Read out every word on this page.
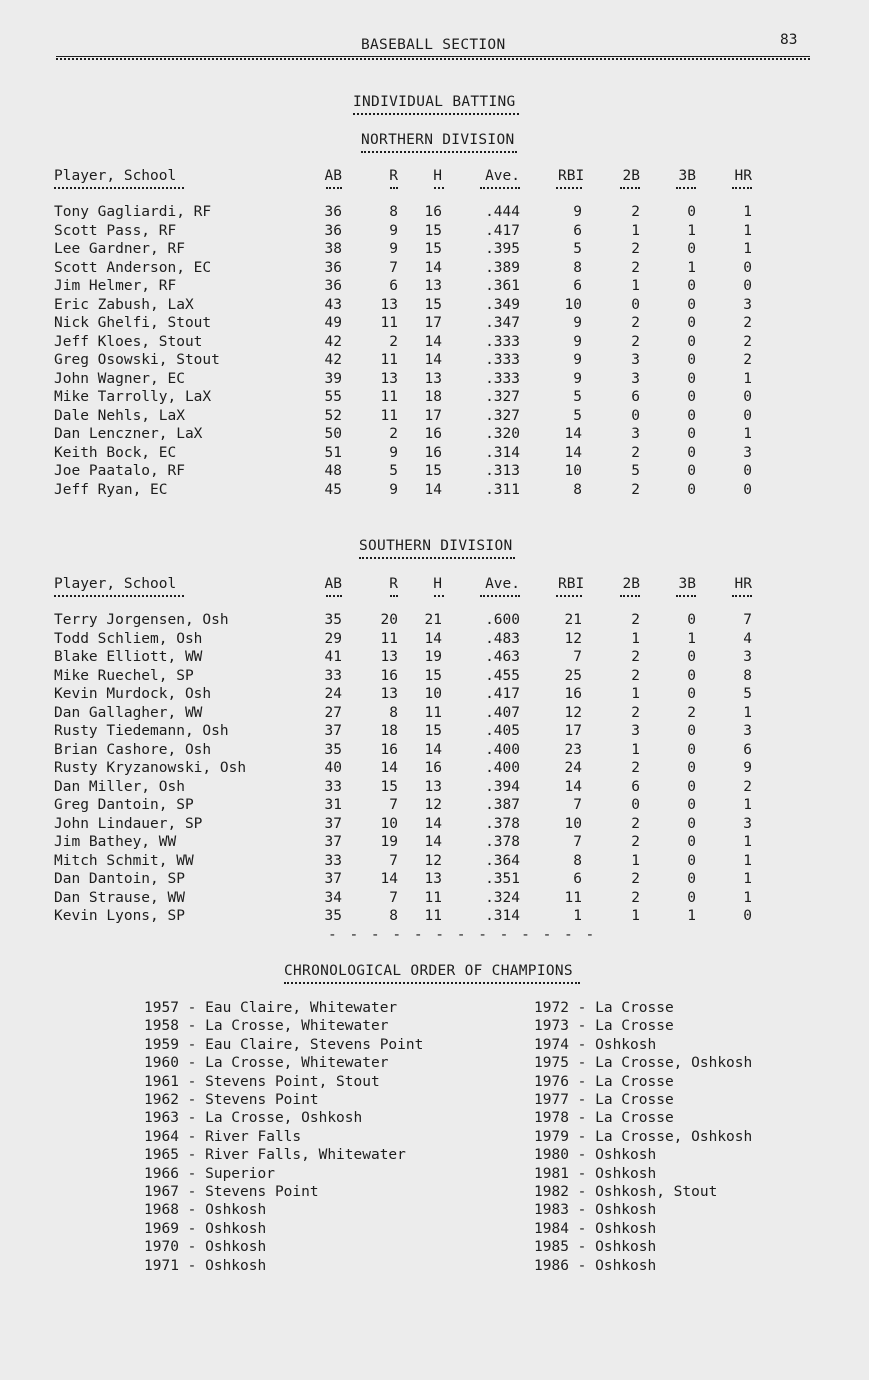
BASEBALL SECTION	83
INDIVIDUAL BATTING
NORTHERN DIVISION
Player, School	AB	R	H	Ave.	RBI	2B	3B	HR
Tony Gagliardi, RF	36	8	16	.444	9	2	0	1
Scott Pass, RF	36	9	15	.417	6	1	1	1
Lee Gardner, RF	38	9	15	.395	5	2	0	1
Scott Anderson, EC	36	7	14	.389	8	2	1	0
Jim Helmer, RF	36	6	13	.361	6	1	0	0
Eric Zabush, LaX	43	13	15	.349	10	0	0	3
Nick Ghelfi, Stout	49	11	17	.347	9	2	0	2
Jeff Kloes, Stout	42	2	14	.333	9	2	0	2
Greg Osowski, Stout	42	11	14	.333	9	3	0	2
John Wagner, EC	39	13	13	.333	9	3	0	1
Mike Tarrolly, LaX	55	11	18	.327	5	6	0	0
Dale Nehls, LaX	52	11	17	.327	5	0	0	0
Dan Lenczner, LaX	50	2	16	.320	14	3	0	1
Keith Bock, EC	51	9	16	.314	14	2	0	3
Joe Paatalo, RF	48	5	15	.313	10	5	0	0
Jeff Ryan, EC	45	9	14	.311	8	2	0	0
SOUTHERN DIVISION
Player, School	AB	R	H	Ave.	RBI	2B	3B	HR
Terry Jorgensen, Osh	35	20	21	.600	21	2	0	7
Todd Schliem, Osh	29	11	14	.483	12	1	1	4
Blake Elliott, WW	41	13	19	.463	7	2	0	3
Mike Ruechel, SP	33	16	15	.455	25	2	0	8
Kevin Murdock, Osh	24	13	10	.417	16	1	0	5
Dan Gallagher, WW	27	8	11	.407	12	2	2	1
Rusty Tiedemann, Osh	37	18	15	.405	17	3	0	3
Brian Cashore, Osh	35	16	14	.400	23	1	0	6
Rusty Kryzanowski, Osh	40	14	16	.400	24	2	0	9
Dan Miller, Osh	33	15	13	.394	14	6	0	2
Greg Dantoin, SP	31	7	12	.387	7	0	0	1
John Lindauer, SP	37	10	14	.378	10	2	0	3
Jim Bathey, WW	37	19	14	.378	7	2	0	1
Mitch Schmit, WW	33	7	12	.364	8	1	0	1
Dan Dantoin, SP	37	14	13	.351	6	2	0	1
Dan Strause, WW	34	7	11	.324	11	2	0	1
Kevin Lyons, SP	35	8	11	.314	1	1	1	0
- - - - - - - - - - - - -
CHRONOLOGICAL ORDER OF CHAMPIONS
1957 - Eau Claire, Whitewater
1958 - La Crosse, Whitewater
1959 - Eau Claire, Stevens Point
1960 - La Crosse, Whitewater
1961 - Stevens Point, Stout
1962 - Stevens Point
1963 - La Crosse, Oshkosh
1964 - River Falls
1965 - River Falls, Whitewater
1966 - Superior
1967 - Stevens Point
1968 - Oshkosh
1969 - Oshkosh
1970 - Oshkosh
1971 - Oshkosh
1972 - La Crosse
1973 - La Crosse
1974 - Oshkosh
1975 - La Crosse, Oshkosh
1976 - La Crosse
1977 - La Crosse
1978 - La Crosse
1979 - La Crosse, Oshkosh
1980 - Oshkosh
1981 - Oshkosh
1982 - Oshkosh, Stout
1983 - Oshkosh
1984 - Oshkosh
1985 - Oshkosh
1986 - Oshkosh
